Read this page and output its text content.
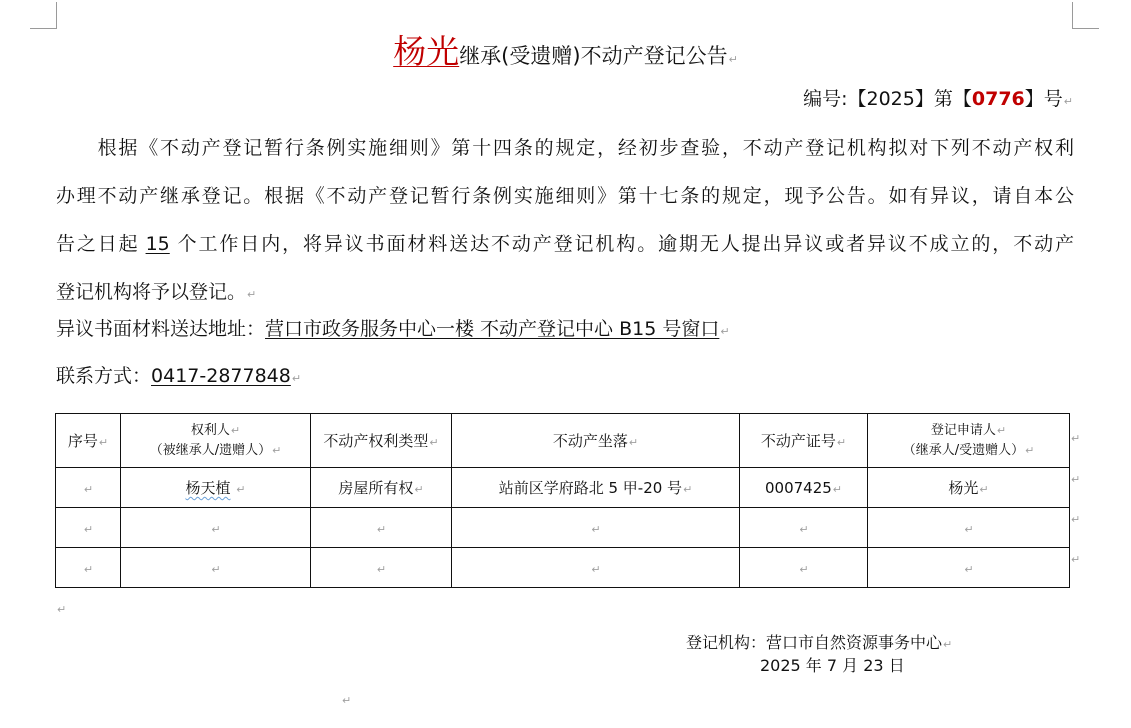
杨光继承(受遗赠)不动产登记公告↵
编号:【2025】第【0776】号↵

　　根据《不动产登记暂行条例实施细则》第十四条的规定，经初步查验，不动产登记机构拟对下列不动产权利
办理不动产继承登记。根据《不动产登记暂行条例实施细则》第十七条的规定，现予公告。如有异议，请自本公
告之日起 15 个工作日内，将异议书面材料送达不动产登记机构。逾期无人提出异议或者异议不成立的，不动产
登记机构将予以登记。↵

异议书面材料送达地址：营口市政务服务中心一楼 不动产登记中心 B15 号窗口↵
联系方式：0417-2877848↵
序号↵	权利人↵
（被继承人/遗赠人）↵	不动产权利类型↵	不动产坐落↵	不动产证号↵	登记申请人↵
（继承人/受遗赠人）↵

↵	杨天植 ↵	房屋所有权↵	站前区学府路北 5 甲-20 号↵	0007425↵	杨光↵
↵	↵	↵	↵	↵	↵
↵	↵	↵	↵	↵	↵
↵
↵
↵
↵
↵
登记机构：营口市自然资源事务中心↵
2025 年 7 月 23 日
↵
